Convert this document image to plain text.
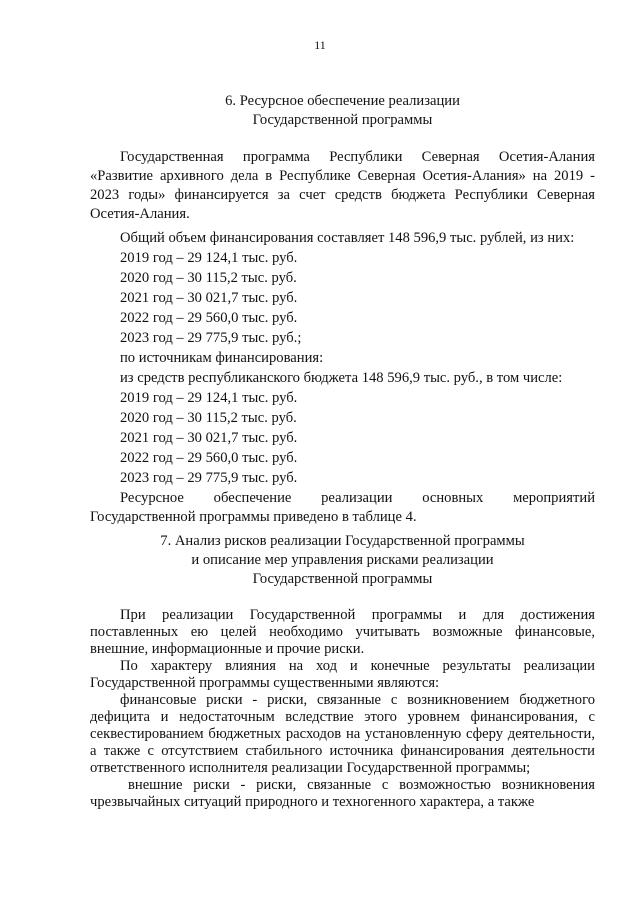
11
6. Ресурсное обеспечение реализации
Государственной программы

Государственная программа Республики Северная Осетия-Алания «Развитие архивного дела в Республике Северная Осетия-Алания» на 2019 - 2023 годы» финансируется за счет средств бюджета Республики Северная Осетия-Алания.

Общий объем финансирования составляет 148 596,9 тыс. рублей, из них:
2019 год – 29 124,1 тыс. руб.
2020 год – 30 115,2 тыс. руб.
2021 год – 30 021,7 тыс. руб.
2022 год – 29 560,0 тыс. руб.
2023 год – 29 775,9 тыс. руб.;
по источникам финансирования:
из средств республиканского бюджета 148 596,9 тыс. руб., в том числе:
2019 год – 29 124,1 тыс. руб.
2020 год – 30 115,2 тыс. руб.
2021 год – 30 021,7 тыс. руб.
2022 год – 29 560,0 тыс. руб.
2023 год – 29 775,9 тыс. руб.
Ресурсное обеспечение реализации основных мероприятий
Государственной программы приведено в таблице 4.
7. Анализ рисков реализации Государственной программы
и описание мер управления рисками реализации
Государственной программы

При реализации Государственной программы и для достижения поставленных ею целей необходимо учитывать возможные финансовые, внешние, информационные и прочие риски.

По характеру влияния на ход и конечные результаты реализации Государственной программы существенными являются:

финансовые риски - риски, связанные с возникновением бюджетного дефицита и недостаточным вследствие этого уровнем финансирования, с секвестированием бюджетных расходов на установленную сферу деятельности, а также с отсутствием стабильного источника финансирования деятельности ответственного исполнителя реализации Государственной программы;

внешние риски - риски, связанные с возможностью возникновения чрезвычайных ситуаций природного и техногенного характера, а также
